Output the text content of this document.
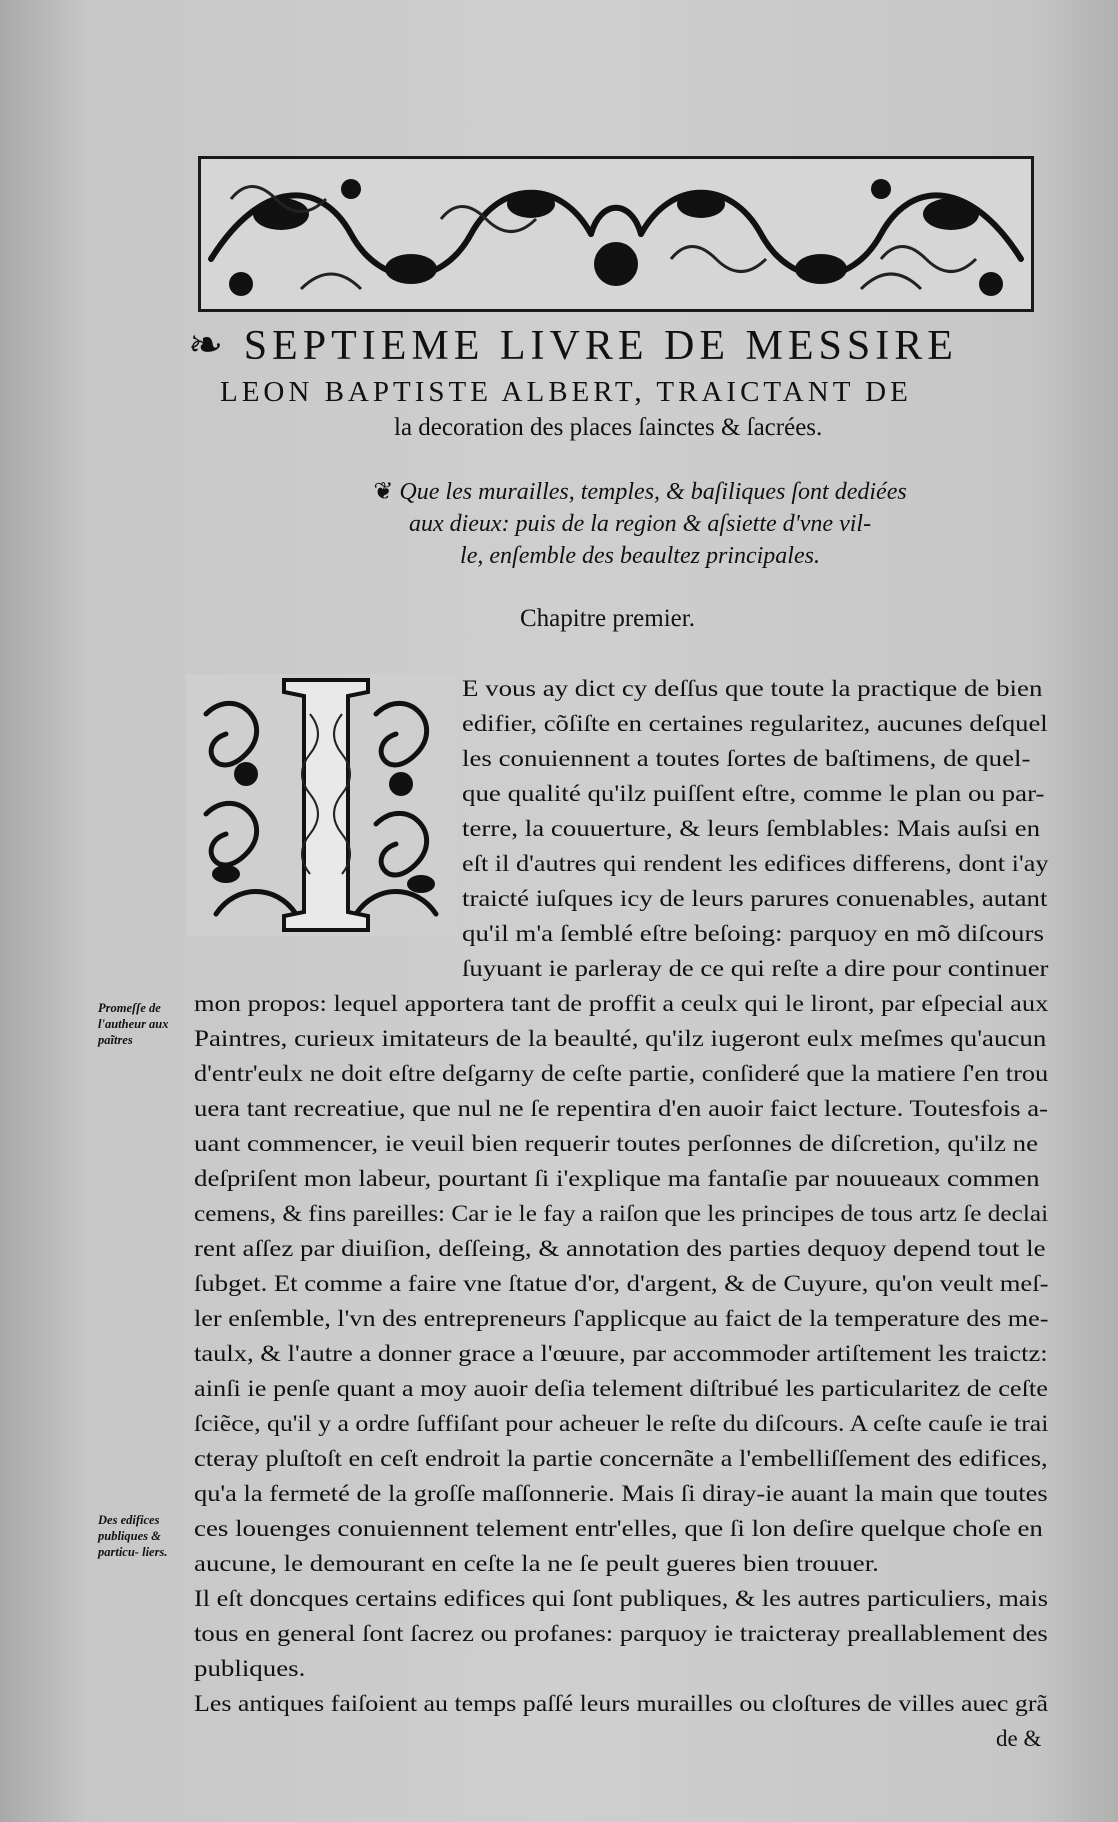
❧ SEPTIEME LIVRE DE MESSIRE
LEON BAPTISTE ALBERT, TRAICTANT DE
la decoration des places ſainctes & ſacrées.
❦ Que les murailles, temples, & baſiliques ſont dediées
aux dieux: puis de la region & aſsiette d'vne vil-
le, enſemble des beaultez principales.
Chapitre premier.
E vous ay dict cy deſſus que toute la practique de bien
edifier, cõſiſte en certaines regularitez, aucunes deſquel
les conuiennent a toutes ſortes de baſtimens, de quel-
que qualité qu'ilz puiſſent eſtre, comme le plan ou par-
terre, la couuerture, & leurs ſemblables: Mais auſsi en
eſt il d'autres qui rendent les edifices differens, dont i'ay
traicté iuſques icy de leurs parures conuenables, autant
qu'il m'a ſemblé eſtre beſoing: parquoy en mõ diſcours
ſuyuant ie parleray de ce qui reſte a dire pour continuer
mon propos: lequel apportera tant de proffit a ceulx qui le liront, par eſpecial aux
Paintres, curieux imitateurs de la beaulté, qu'ilz iugeront eulx meſmes qu'aucun
d'entr'eulx ne doit eſtre deſgarny de ceſte partie, conſideré que la matiere ſ'en trou
uera tant recreatiue, que nul ne ſe repentira d'en auoir faict lecture. Toutesfois a-
uant commencer, ie veuil bien requerir toutes perſonnes de diſcretion, qu'ilz ne
deſpriſent mon labeur, pourtant ſi i'explique ma fantaſie par nouueaux commen
cemens, & fins pareilles: Car ie le fay a raiſon que les principes de tous artz ſe declai
rent aſſez par diuiſion, deſſeing, & annotation des parties dequoy depend tout le
ſubget. Et comme a faire vne ſtatue d'or, d'argent, & de Cuyure, qu'on veult meſ-
ler enſemble, l'vn des entrepreneurs ſ'applicque au faict de la temperature des me-
taulx, & l'autre a donner grace a l'œuure, par accommoder artiſtement les traictz:
ainſi ie penſe quant a moy auoir deſia telement diſtribué les particularitez de ceſte
ſciẽce, qu'il y a ordre ſuffiſant pour acheuer le reſte du diſcours. A ceſte cauſe ie trai
cteray pluſtoſt en ceſt endroit la partie concernãte a l'embelliſſement des edifices,
qu'a la fermeté de la groſſe maſſonnerie. Mais ſi diray-ie auant la main que toutes
ces louenges conuiennent telement entr'elles, que ſi lon deſire quelque choſe en
aucune, le demourant en ceſte la ne ſe peult gueres bien trouuer.
Il eſt doncques certains edifices qui ſont publiques, & les autres particuliers, mais
tous en general ſont ſacrez ou profanes: parquoy ie traicteray preallablement des
publiques.
Les antiques faiſoient au temps paſſé leurs murailles ou cloſtures de villes auec grã
Promeſſe de l'autheur aux paĩtres
Des edifices publiques & particu- liers.
de &
